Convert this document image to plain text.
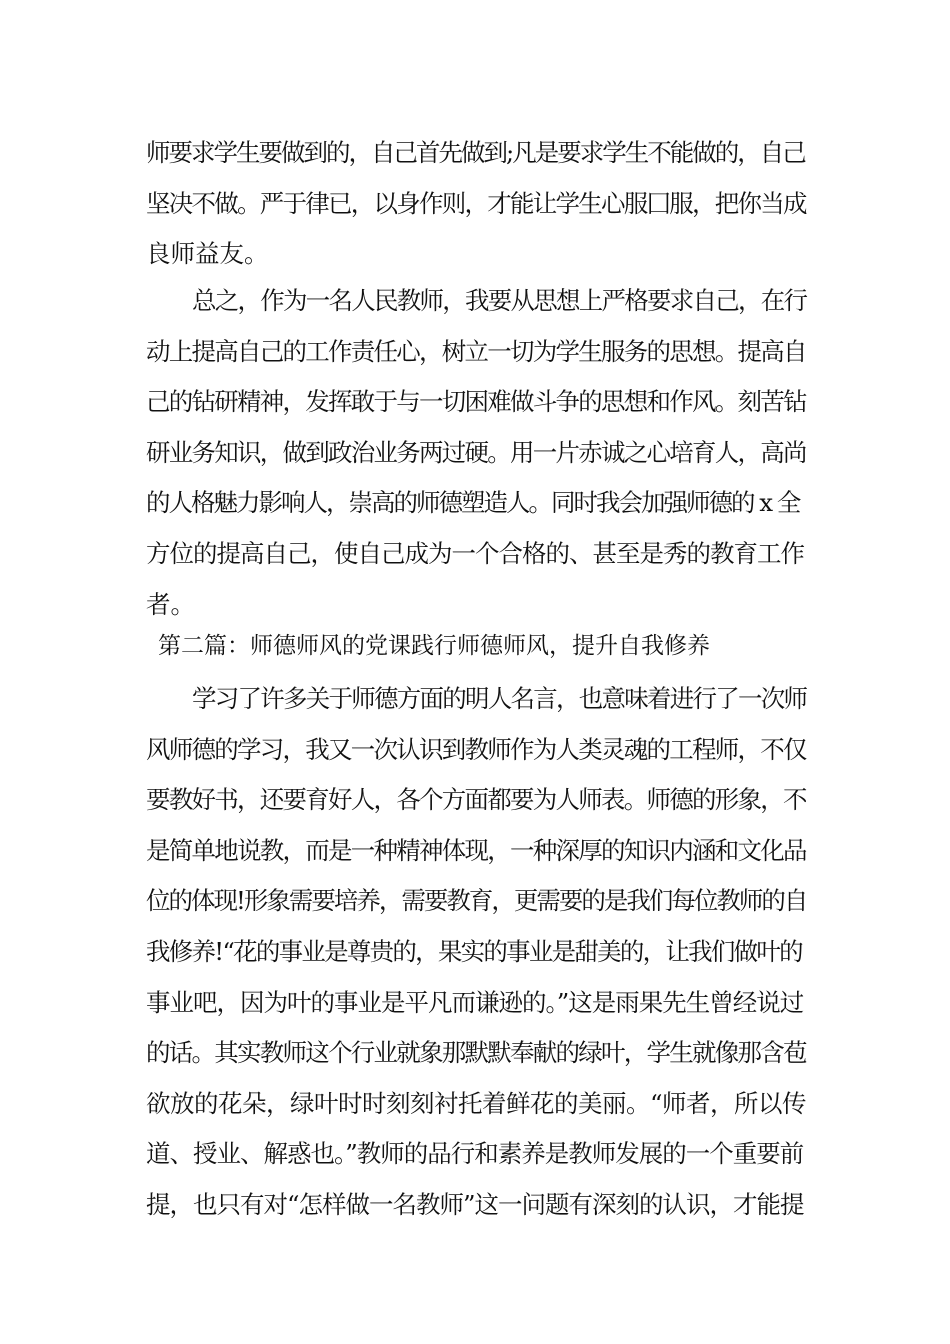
师要求学生要做到的，自己首先做到;凡是要求学生不能做的，自己
坚决不做。严于律已，以身作则，才能让学生心服囗服，把你当成
良师益友。
总之，作为一名人民教师，我要从思想上严格要求自己，在行
动上提高自己的工作责任心，树立一切为学生服务的思想。提高自
己的钻研精神，发挥敢于与一切困难做斗争的思想和作风。刻苦钻
研业务知识，做到政治业务两过硬。用一片赤诚之心培育人，高尚
的人格魅力影响人，崇高的师德塑造人。同时我会加强师德的 x 全
方位的提高自己，使自己成为一个合格的、甚至是秀的教育工作
者。
第二篇：师德师风的党课践行师德师风，提升自我修养
学习了许多关于师德方面的明人名言，也意味着进行了一次师
风师德的学习，我又一次认识到教师作为人类灵魂的工程师，不仅
要教好书，还要育好人，各个方面都要为人师表。师德的形象，不
是简单地说教，而是一种精神体现，一种深厚的知识内涵和文化品
位的体现!形象需要培养，需要教育，更需要的是我们每位教师的自
我修养!“花的事业是尊贵的，果实的事业是甜美的，让我们做叶的
事业吧，因为叶的事业是平凡而谦逊的。”这是雨果先生曾经说过
的话。其实教师这个行业就象那默默奉献的绿叶，学生就像那含苞
欲放的花朵，绿叶时时刻刻衬托着鲜花的美丽。“师者，所以传
道、授业、解惑也。”教师的品行和素养是教师发展的一个重要前
提，也只有对“怎样做一名教师”这一问题有深刻的认识，才能提
